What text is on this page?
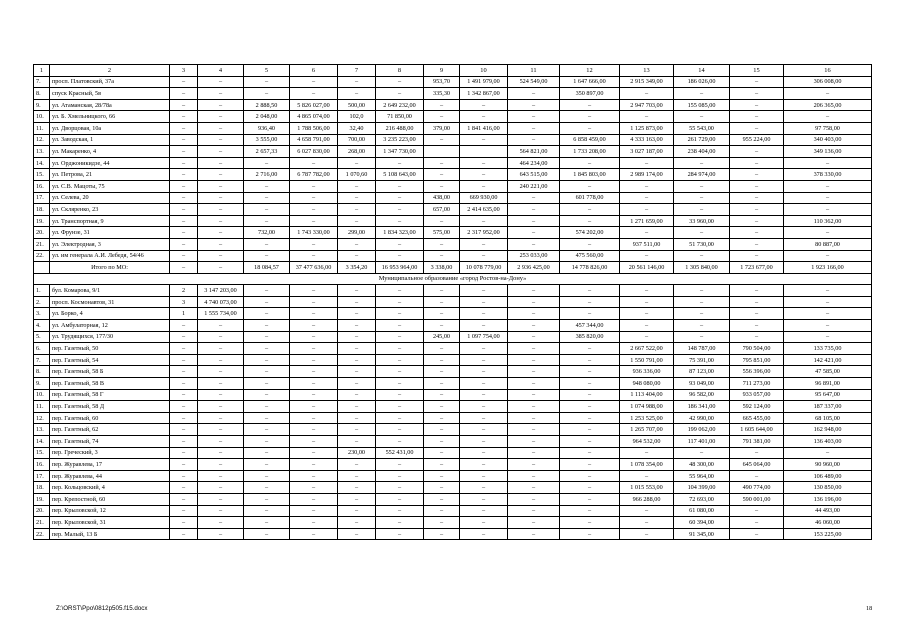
1	2	3	4	5	6	7	8	9	10	11	12	13	14	15	16
7.	просп. Платовский, 37а	–	–	–	–	–	–	953,70	1 491 979,00	524 549,00	1 647 666,00	2 915 349,00	186 026,00	–	306 008,00
8.	спуск Красный, 5в	–	–	–	–	–	–	335,30	1 342 867,00	–	350 897,00	–	–	–	–
9.	ул. Атаманская, 28/78а	–	–	2 888,50	5 826 027,00	500,00	2 649 232,00	–	–	–	–	2 947 703,00	155 085,00	–	206 365,00
10.	ул. Б. Хмельницкого, 66	–	–	2 048,00	4 865 074,00	102,0	71 850,00	–	–	–	–	–	–	–	–
11.	ул. Дворцовая, 10а	–	–	936,40	1 788 506,00	32,40	216 488,00	379,00	1 841 416,00	–	–	1 125 873,00	55 543,00	–	97 758,00
12.	ул. Заводская, 1	–	–	3 555,00	4 658 791,00	700,00	3 235 223,00	–	–	–	6 858 459,00	4 333 163,00	261 729,00	955 224,00	340 403,00
13.	ул. Макаренко, 4	–	–	2 657,33	6 027 830,00	268,00	1 347 730,00			564 821,00	1 733 208,00	3 027 187,00	238 404,00	–	349 136,00
14.	ул. Орджоникидзе, 44	–	–	–	–	–	–	–	–	464 234,00	–	–	–	–	–
15.	ул. Петрова, 21	–	–	2 716,00	6 787 782,00	1 070,60	5 108 643,00	–	–	643 515,00	1 845 803,00	2 989 174,00	284 974,00	–	378 330,00
16.	ул. С.В. Мацоты, 75	–	–	–	–	–	–	–	–	240 221,00	–	–	–	–	–
17.	ул. Селева, 20	–	–	–	–	–	–	438,00	669 930,00	–	601 778,00	–	–	–	–
18.	ул. Скляренко, 23	–	–	–	–	–	–	657,00	2 414 635,00	–	–	–	–	–	–
19.	ул. Транспортная, 9	–	–	–	–	–	–	–	–	–	–	1 271 659,00	33 960,00	–	110 362,00
20.	ул. Фрунзе, 31	–	–	732,00	1 743 330,00	299,00	1 834 323,00	575,00	2 317 952,00	–	574 202,00	–	–	–	–
21.	ул. Электродная, 3	–	–	–	–	–	–	–	–	–	–	937 511,00	51 730,00	–	80 887,00
22.	ул. им генерала А.И. Лебедя, 54/46	–	–	–	–	–	–	–	–	253 033,00	475 560,00	–	–	–	–
	Итого по МО:	–	–	18 084,57	37 477 636,00	3 354,20	16 953 964,00	3 338,00	10 078 779,00	2 936 425,00	14 778 826,00	20 561 146,00	1 305 840,00	1 723 677,00	1 923 166,00
Муниципальное образование «город Ростов-на-Дону»															
1.	бул. Комарова, 9/1	2	3 147 203,00	–	–	–	–	–	–	–	–	–	–	–	–
2.	просп. Космонавтов, 31	3	4 740 073,00	–	–	–	–	–	–	–	–	–	–	–	–
3.	ул. Борко, 4	1	1 555 734,00	–	–	–	–	–	–	–	–	–	–	–	–
4.	ул. Амбулаторная, 12	–	–	–	–	–	–	–	–	–	457 344,00	–	–	–	–
5.	ул. Трудящихся, 177/30	–	–	–	–	–	–	245,00	1 097 754,00	–	385 820,00	–	–	–	–
6.	пер. Газетный, 50	–	–	–	–	–	–	–	–	–	–	2 667 522,00	148 787,00	790 504,00	133 735,00
7.	пер. Газетный, 54	–	–	–	–	–	–	–	–	–	–	1 550 791,00	75 391,00	795 851,00	142 421,00
8.	пер. Газетный, 58 Б	–	–	–	–	–	–	–	–	–	–	936 336,00	87 123,00	556 396,00	47 585,00
9.	пер. Газетный, 58 В	–	–	–	–	–	–	–	–	–	–	948 080,00	93 049,00	711 273,00	96 891,00
10.	пер. Газетный, 58 Г	–	–	–	–	–	–	–	–	–	–	1 113 404,00	96 582,00	933 057,00	95 647,00
11.	пер. Газетный, 58 Д	–	–	–	–	–	–	–	–	–	–	1 074 988,00	186 341,00	592 124,00	187 337,00
12.	пер. Газетный, 60	–	–	–	–	–	–	–	–	–	–	1 253 525,00	42 990,00	665 455,00	68 105,00
13.	пер. Газетный, 62	–	–	–	–	–	–	–	–	–	–	1 265 707,00	199 062,00	1 605 644,00	162 948,00
14.	пер. Газетный, 74	–	–	–	–	–	–	–	–	–	–	964 532,00	117 401,00	791 381,00	136 403,00
15.	пер. Греческий, 3	–	–	–	–	230,00	552 431,00	–	–	–	–	–	–	–	–
16.	пер. Журавлева, 17	–	–	–	–	–	–	–	–	–	–	1 078 354,00	48 300,00	645 064,00	90 960,00
17.	пер. Журавлева, 44	–	–	–	–	–	–	–	–	–	–	–	55 964,00	–	106 489,00
18.	пер. Кольцовский, 4	–	–	–	–	–	–	–	–	–	–	1 015 553,00	104 399,00	490 774,00	130 850,00
19.	пер. Крепостной, 60	–	–	–	–	–	–	–	–	–	–	966 288,00	72 693,00	590 001,00	136 196,00
20.	пер. Крыловской, 12	–	–	–	–	–	–	–	–	–	–	–	61 080,00	–	44 493,00
21.	пер. Крыловской, 31	–	–	–	–	–	–	–	–	–	–	–	60 394,00	–	46 060,00
22.	пер. Малый, 13 Б	–	–	–	–	–	–	–	–	–	–	–	91 345,00	–	153 225,00
Z:\ORST\Ppo\0812p505.f15.docx	18
